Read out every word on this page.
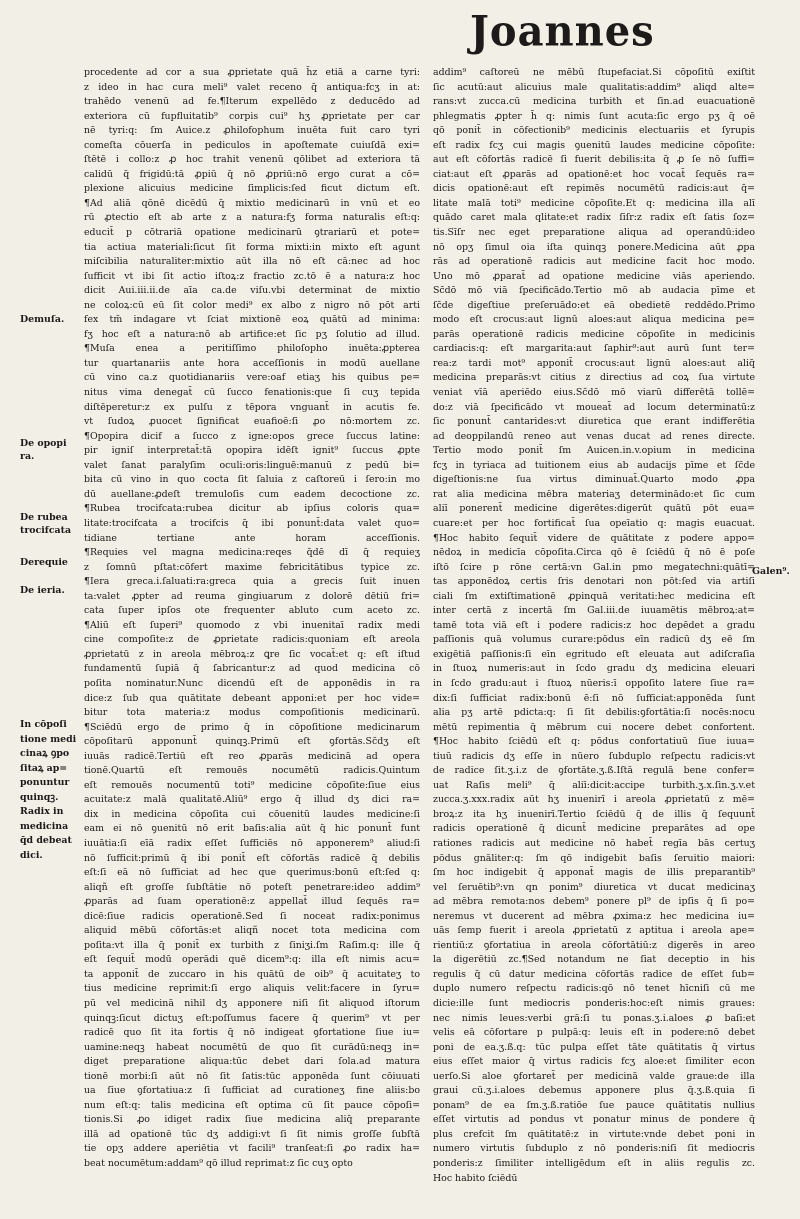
Joannes
Demuſa.
De opopi
ra.
De rubea
trocifcata
Derequie
De ieria.
In cōpoſi
tione medi
cinaꝝ ꝯpo
ſitaꝝ ap=
ponuntur
quinqꝫ.
Radix in
medicina
q̄d debeat
dici.
Galen⁹.
procedente ad cor a sua ꝓprietate quā h̄z etiā a carne tyri:
z ideo in hac cura meli⁹ valet receno q̄ antiqua:fcʒ in at:
trahēdo venenū ad fe.¶Iterum expellēdo z deducēdo ad
exteriora cū fupfluitatib⁹ corpis cui⁹ hʒ ꝓprietate per car
nē tyri:q: ſm Auice.z ꝓhilofophum inuēta fuit caro tyri
comeſta cōuerſa in pediculos in apoſtemate cuiuſdā exi=
ſtētē i collo:z ꝓ hoc trahit venenū qōlibet ad exteriora tā
calidū q̄ frigidū:tā ꝓpiū q̄ nō ꝓpriū:nō ergo curat a cō=
plexione alicuius medicine ſimplicis:ſed ficut dictum eſt.
¶Ad aliā qōnē dicēdū q̄ mixtio medicinarū in vnū et eo
rū ꝓtectio eſt ab arte z a natura:fʒ forma naturalis eſt:q:
educit̄ p cōtrariā opatione medicinarū ꝯtrariarū et pote=
tia actiua materiali:ſicut ſit forma mixti:in mixto eſt agunt
miſcibilia naturaliter:mixtio aūt illa nō eſt cā:nec ad hoc
ſufficit vt ibi ſit actio iſtoꝝ:z fractio zc.tō ē a natura:z hoc
dicit Aui.iii.ii.de aīa ca.de viſu.vbi determinat de mixtio
ne coloꝝ:cū eū ſit color medi⁹ ex albo z nigro nō pōt arti
fex tm̄ indagare vt ſciat mixtionē eoꝝ quātū ad minima:
fʒ hoc eſt a natura:nō ab artifice:et ſic pʒ ſolutio ad illud.
¶Muſa enea a peritiſſimo philoſopho inuēta:ꝓpterea
tur quartanariis ante hora acceſſionis in modū auellane
cū vino ca.z quotidianariis vere:oaf etiaʒ his quibus pe=
nitus vima denegat̄ cū ſucco fenationis:que ſi cuʒ tepida
diſtēperetur:z ex pulſu z tēpora vnguant̄ in acutis fe.
vt ſudoꝝ ꝓuocet ſignificat euafioē:ſi ꝓo nō:mortem zc.
¶Opopira dicif a ſucco z igne:opos grece ſuccus latine:
pir igniſ interpretat̄:tā opopira idēſt ignit⁹ ſuccus ꝓpte
valet ſanat paralyſim oculi:oris:linguē:manuū z pedū bi=
bita cū vino in quo cocta ſit ſaluia z caſtoreū i ſero:in mo
dū auellane:ꝓdeſt tremuloſis cum eadem decoctione zc.
¶Rubea trocifcata:rubea dicitur ab ipſius coloris qua=
litate:trocifcata a trocifcis q̄ ibi ponunt̄:data valet quo=
tidiane tertiane ante horam acceſſionis.
¶Requies vel magna medicina:reqes q̄dē dī q̄ requieʒ
z ſomnū pſtat:cōfert maxime febricitātibus typice zc.
¶Iera greca.i.ſaluati:ra:greca quia a grecis ſuit inuen
ta:valet ꝓpter ad reuma gingiuarum z dolorē dētiū fri=
cata ſuper ipſos ote frequenter abluto cum aceto zc.
¶Aliū eſt ſuperi⁹ quomodo z vbi inuenitaī radix medi
cine compoſite:z de ꝓprietate radicis:quoniam eſt areola
ꝓprietatū z in areola mēbroꝝ:z ꝗre ſic vocat̄:et q: eſt iſtud
fundamentū ſupiā q̄ ſabricantur:z ad quod medicina cō
poſita nominatur.Nunc dicendū eſt de apponēdis in ra
dice:z ſub qua quātitate debeant apponi:et per hoc vide=
bitur tota materia:z modus compoſitionis medicinarū.
¶Sciēdū ergo de primo q̄ in cōpoſitione medicinarum
cōpoſitarū apponunt̄ quinqꝫ.Primū eſt ꝯfortās.Sc̄dʒ eſt
iuuās radicē.Tertiū eſt reo ꝓparās medicinā ad opera
tionē.Quartū eſt remouēs nocumētū radicis.Quintum
eſt remouēs nocumentū toti⁹ medicine cōpoſite:ſiue eius
acuitate:z malā qualitatē.Aliū⁹ ergo q̄ illud dʒ dici ra=
dix in medicina cōpoſita cui cōuenitū laudes medicine:ſi
eam ei nō ꝯuenitū nō erit baſis:alia aūt q̄ hic ponunt̄ funt
iuuātia:ſi eīā radix eſſet ſufficiēs nō apponerem⁹ aliud:ſi
nō ſufficit:primū q̄ ibi ponit̄ eſt cōfortās radicē q̄ debilis
eſt:ſi eā nō ſufficiat ad hec que querimus:bonū eſt:ſed q:
aliqñ eſt groſſe ſubſtātie nō poteſt penetrare:ideo addim⁹
ꝓparās ad ſuam operationē:z appellat̄ illud ſequēs ra=
dicē:ſiue radicis operationē.Sed ſi noceat radix:ponimus
aliquid mēbū cōfortās:et aliqñ nocet tota medicina com
poſita:vt illa q̄ ponit̄ ex turbith z ſiniʒi.ſm Raſim.q: ille q̄
eſt ſequit̄ modū operādi quē dicem⁹:q: illa eſt nimis acu=
ta apponit̄ de zuccaro in his quātū de oib⁹ q̄ acuitateʒ to
tius medicine reprimit:ſi ergo aliquis velit:facere in ſyru=
pū vel medicinā nihil dʒ apponere niſi ſit aliquod iſtorum
quinqꝫ:ſicut dictuʒ eſt:poſſumus facere q̄ querim⁹ vt per
radicē quo ſit ita fortis q̄ nō indigeat ꝯfortatione ſiue iu=
uamine:neqꝫ habeat nocumētū de quo ſit curādū:neqꝫ in=
diget preparatione aliqua:tūc debet dari ſola.ad matura
tionē morbi:ſi aūt nō ſit ſatis:tūc apponēda ſunt cōiuuati
ua ſiue ꝯfortatiua:z ſi ſufficiat ad curationeʒ fine aliis:bo
num eſt:q: talis medicina eſt optima cū ſit pauce cōpoſi=
tionis.Si ꝓo idiget radix ſiue medicina aliq̄ preparante
illā ad opationē tūc dʒ addigi:vt ſi ſit nimis groſſe ſubſtā
tie opʒ addere aperiētia vt facili⁹ tranſeat:ſi ꝓo radix ha=
beat nocumētum:addam⁹ qō illud reprimat:z ſic cuʒ opto
addim⁹ caſtoreū ne mēbū ſtupefaciat.Si cōpoſitū exiſtit
ſic acutū:aut alicuius male qualitatis:addim⁹ aliqd alte=
rans:vt zucca.cū medicina turbith et ſin.ad euacuationē
phlegmatis ꝓpter h̄ q: nimis ſunt acuta:ſic ergo pʒ q̄ oē
qō ponit̄ in cōfectionib⁹ medicinis electuariis et ſyrupis
eſt radix fcʒ cui magis ꝯuenitū laudes medicine cōpoſite:
aut eſt cōfortās radicē ſi fuerit debilis:ita q̄ ꝓ ſe nō ſuffi=
ciat:aut eſt ꝓparās ad opationē:et hoc vocat̄ ſequēs ra=
dicis opationē:aut eſt repimēs nocumētū radicis:aut q̄=
litate malā toti⁹ medicine cōpoſite.Et q: medicina illa alī
quādo caret mala qlitate:et radix ſiſr:z radix eſt ſatis ſoz=
tis.Sīſr nec eget preparatione aliqua ad operandū:ideo
nō opʒ ſimul oia iſta quinqꝫ ponere.Medicina aūt ꝓpa
rās ad operationē radicis aut medicine facit hoc modo.
Uno mō ꝓparat̄ ad opatione medicine viās aperiendo.
Sc̄dō mō viā ſpecificādo.Tertio mō ab audacia pīme et
ſc̄de digeſtiue preſeruādo:et eā obedietē reddēdo.Primo
modo eſt crocus:aut lignū aloes:aut aliqua medicina pe=
parās operationē radicis medicine cōpoſite in medicinis
cardiacis:q: eſt margarita:aut ſaphir⁹:aut aurū ſunt ter=
rea:z tardi mot⁹ apponit̄ crocus:aut lignū aloes:aut aliq̄
medicina preparās:vt citius z directius ad coꝝ ſua virtute
veniat vīā aperiēdo eius.Sc̄dō mō viarū differētā tollē=
do:z viā ſpecificādo vt moueat̄ ad locum determinatū:z
ſic ponunt̄ cantarides:vt diuretica que erant indifferētia
ad deoppilandū reneo aut venas ducat ad renes directe.
Tertio modo ponit̄ ſm Auicen.in.v.opium in medicina
fcʒ in tyriaca ad tuitionem eius ab audacijs pīme et ſc̄de
digeſtionis:ne ſua virtus diminuat̄.Quarto modo ꝓpa
rat alia medicina mēbra materiaʒ determinādo:et ſic cum
aliī ponerent̄ medicine digerētes:digerūt quātū pōt eua=
cuare:et per hoc fortificat̄ ſua opeīatio q: magis euacuat.
¶Hoc habito ſequit̄ videre de quātitate z podere appo=
nēdoꝝ in medicīa cōpoſita.Circa qō ē ſciēdū q̄ nō ē poſe
iſtō ſcire p rōne certā:vn Gal.in pmo megatechni:quātī=
tas apponēdoꝝ certis ſris denotari non pōt:ſed via artiſi
ciali ſm extiſtimationē ꝓpinquā veritati:hec medicina eſt
inter certā z incertā ſm Gal.iii.de iuuamētis mēbroꝝ:at=
tamē tota viā eſt i podere radicis:z hoc depēdet a gradu
paſſionis quā volumus curare:pōdus eīn radicū dʒ eē ſm
exigētiā paſſionis:ſi eīn egritudo eſt eleuata aut adiſcraſia
in ſtuoꝝ numeris:aut in ſcdo gradu dʒ medicina eleuari
in ſcdo gradu:aut i ſtuoꝝ nūeris:ī oppoſito latere ſiue ra=
dix:ſi ſufficiat radix:bonū ē:ſi nō ſufficiat:apponēda ſunt
alia pʒ artē pdicta:q: ſi ſit debilis:ꝯfortātia:ſi nocēs:nocu
mētū repimentia q̄ mēbrum cui nocere debet confortent.
¶Hoc habito ſciēdū eſt q: pōdus confortatiuū ſiue iuua=
tiuū radicis dʒ eſſe in nūero ſubduplo reſpectu radicis:vt
de radice ſit.ʒ.i.z de ꝯfortāte.ʒ.ß.Iſtā regulā bene confer=
uat Raſis meli⁹ q̄ aliī:dicit:accipe turbith.ʒ.x.ſin.ʒ.v.et
zucca.ʒ.xxx.radix aūt hʒ inuenirī i areola ꝓprietatū z mē=
broꝝ:z ita hʒ inuenirī.Tertio ſciēdū q̄ de illis q̄ ſequunt̄
radicis operationē q̄ dicunt̄ medicine preparātes ad ope
rationes radicis aut medicine nō habet̄ regīa bās certuʒ
pōdus gnāliter:q: ſm qō indigebit baſis ſeruitio maiori:
ſm hoc indigebit q̄ apponat̄ magis de illis preparantib⁹
vel ſeruētib⁹:vn qn ponim⁹ diuretica vt ducat medicinaʒ
ad mēbra remota:nos debem⁹ ponere pl⁹ de ipſis q̄ ſi po=
neremus vt ducerent ad mēbra ꝓxima:z hec medicina iu=
uās ſemp fuerit i areola ꝓprietatū z aptitua i areola ape=
rientiū:z ꝯfortatiua in areola cōfortātiū:z digerēs in areo
la digerētiū zc.¶Sed notandum ne ſiat deceptio in his
regulis q̄ cū datur medicina cōfortās radice de eſſet ſub=
duplo numero reſpectu radicis:qō nō tenet hīcniſi cū me
dicie:ille ſunt mediocris ponderis:hoc:eſt nimis graues:
nec nimis leues:verbi grā:ſi tu ponas.ʒ.i.aloes ꝓ baſi:et
velis eā cōfortare p pulpā:q: leuis eſt in podere:nō debet
poni de ea.ʒ.ß.q: tūc pulpa eſſet tāte quātitatis q̄ virtus
eius eſſet maior q̄ virtus radicis fcʒ aloe:et ſimiliter econ
uerſo.Si aloe ꝯfortaret̄ per medicinā valde graue:de illa
graui cū.ʒ.i.aloes debemus apponere plus q̄.ʒ.ß.quia ſi
ponam⁹ de ea ſm.ʒ.ß.ratiōe ſue pauce quātitatis nullius
eſſet virtutis ad pondus vt ponatur minus de pondere q̄
plus crefcit ſm quātitatē:z in virtute:vnde debet poni in
numero virtutis ſubduplo z nō ponderis:niſi ſit mediocris
ponderis:z ſimiliter intelligēdum eſt in aliis regulis zc.
Hoc habito ſciēdū
